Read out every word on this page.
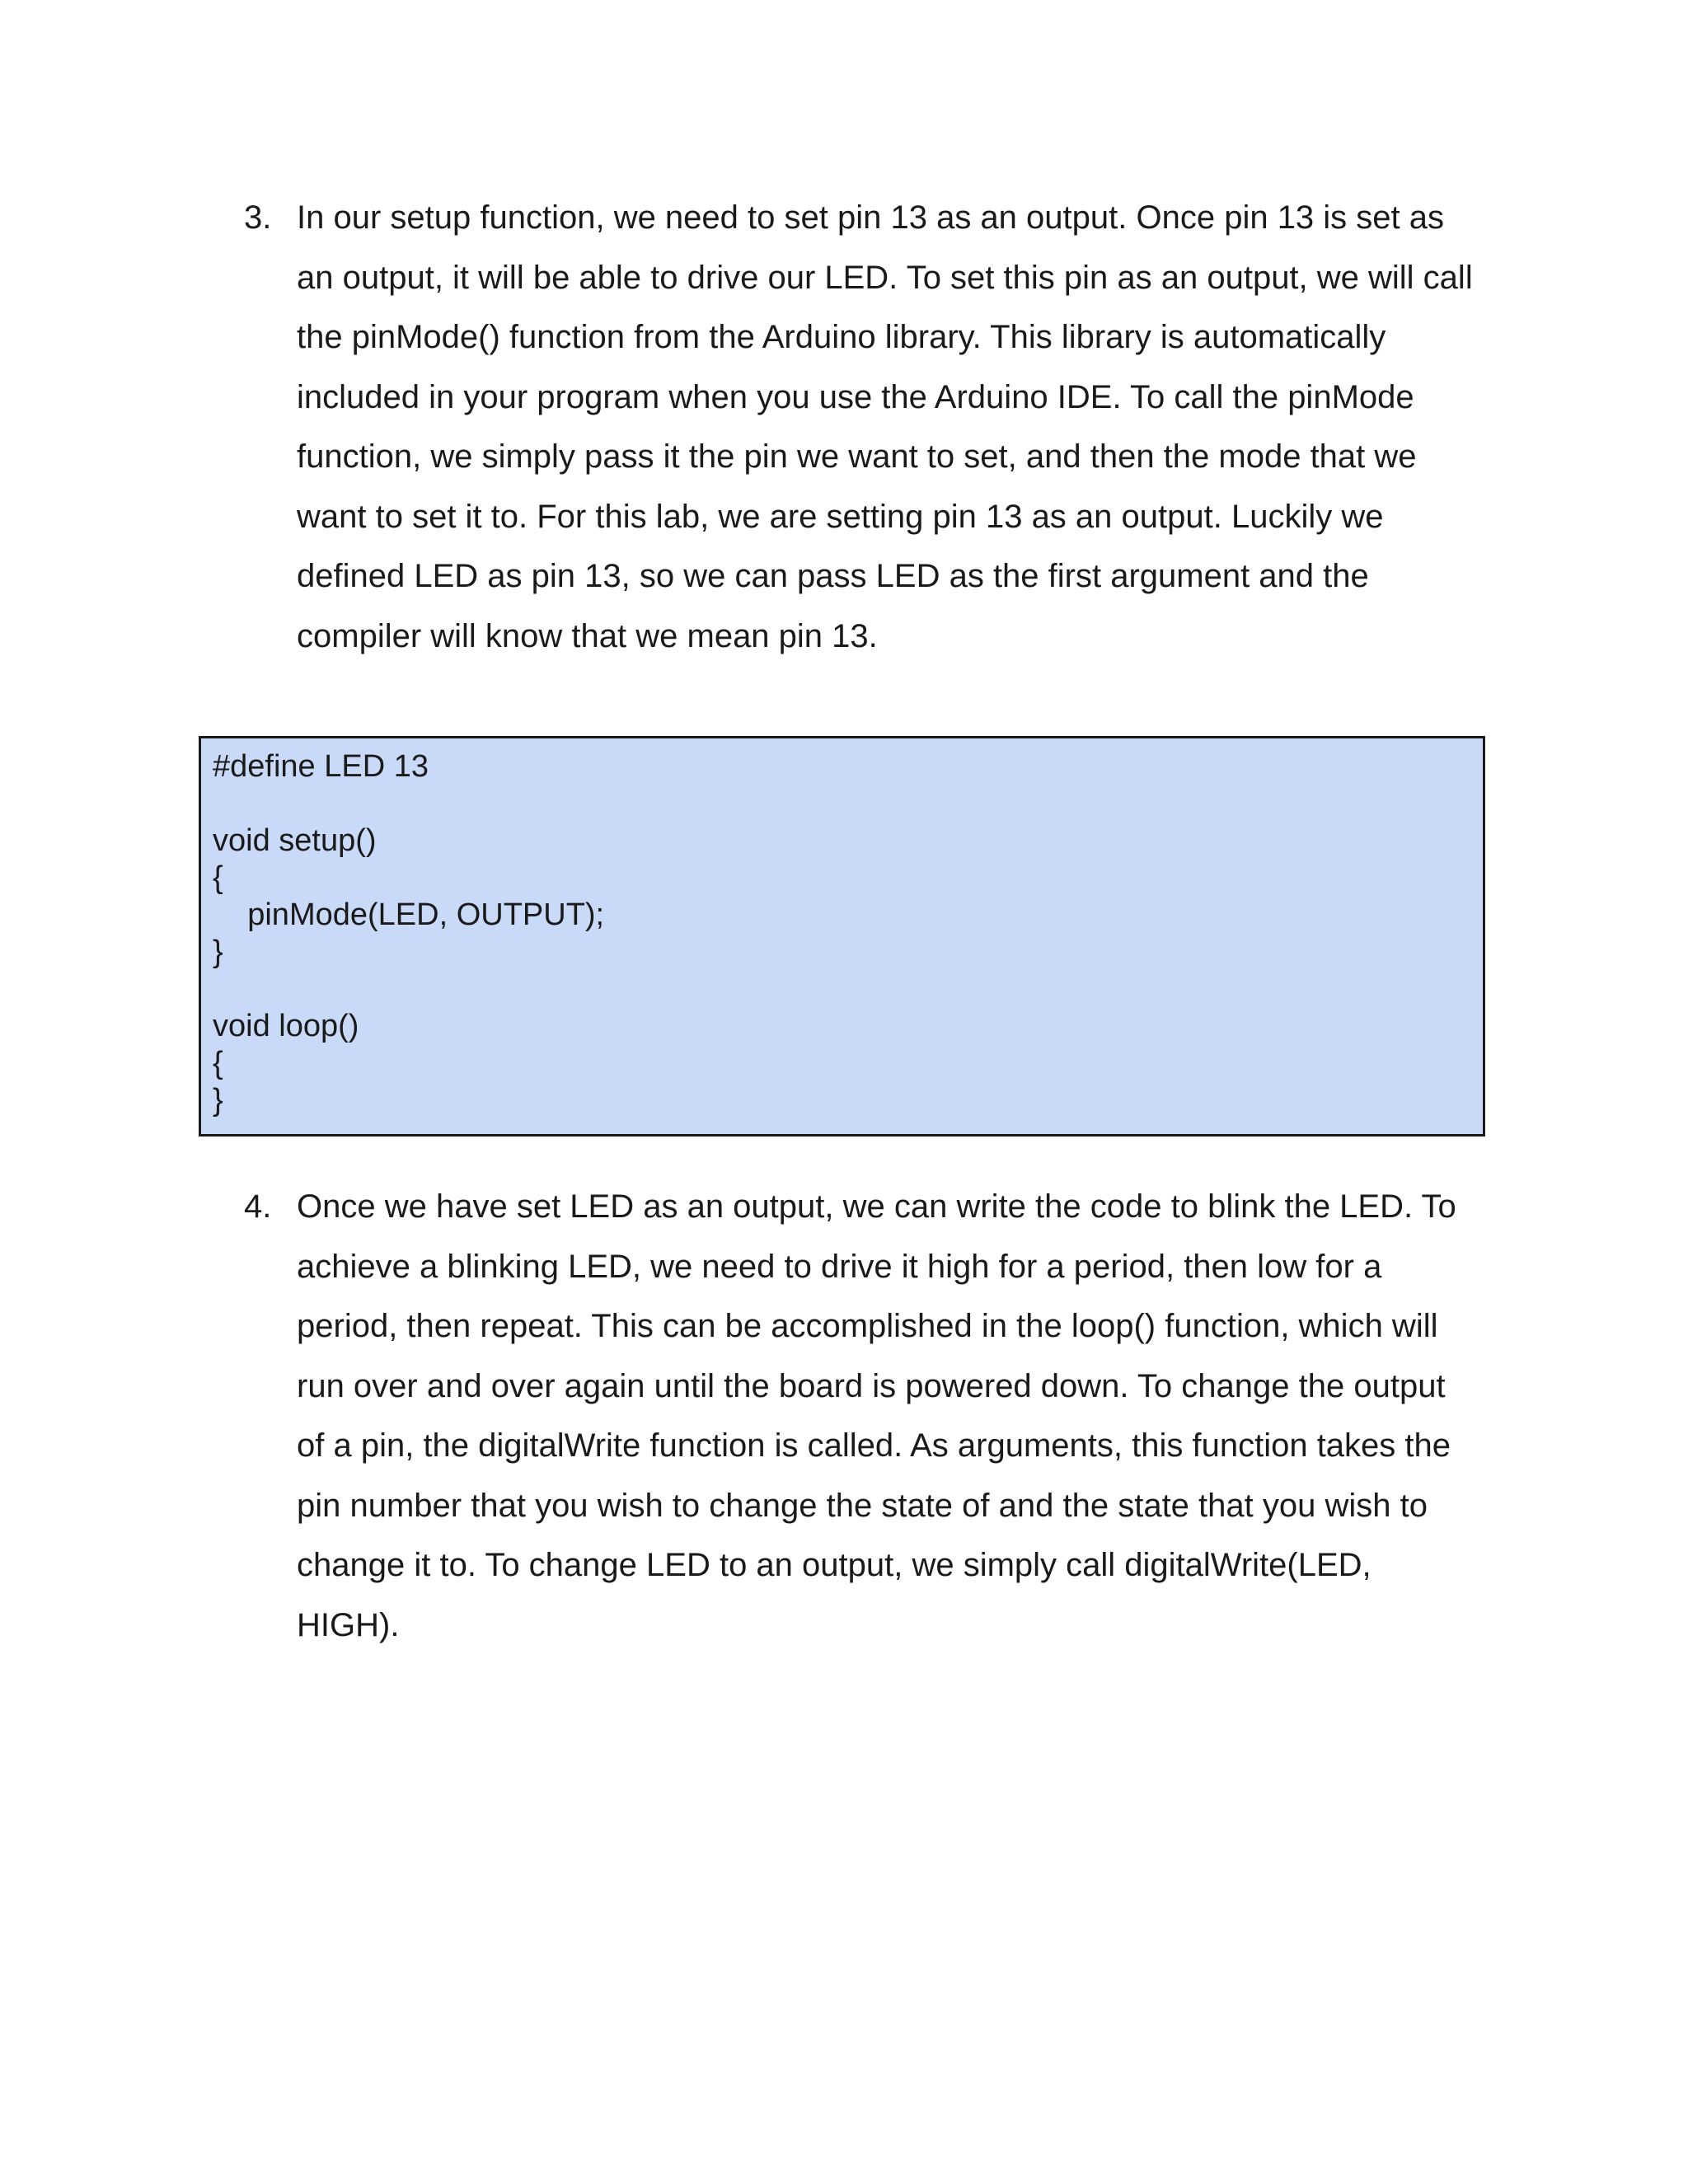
3. In our setup function, we need to set pin 13 as an output. Once pin 13 is set as
an output, it will be able to drive our LED. To set this pin as an output, we will call
the pinMode() function from the Arduino library. This library is automatically
included in your program when you use the Arduino IDE. To call the pinMode
function, we simply pass it the pin we want to set, and then the mode that we
want to set it to. For this lab, we are setting pin 13 as an output. Luckily we
defined LED as pin 13, so we can pass LED as the first argument and the
compiler will know that we mean pin 13.
#define LED 13
void setup()
{
pinMode(LED, OUTPUT);
}
void loop()
{
}
4. Once we have set LED as an output, we can write the code to blink the LED. To
achieve a blinking LED, we need to drive it high for a period, then low for a
period, then repeat. This can be accomplished in the loop() function, which will
run over and over again until the board is powered down. To change the output
of a pin, the digitalWrite function is called. As arguments, this function takes the
pin number that you wish to change the state of and the state that you wish to
change it to. To change LED to an output, we simply call digitalWrite(LED,
HIGH).
